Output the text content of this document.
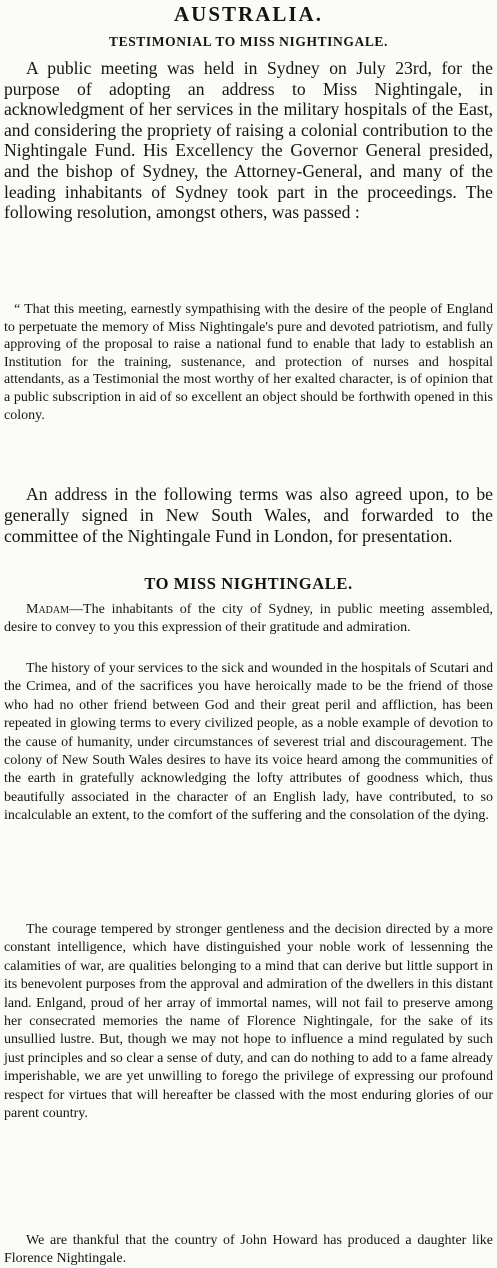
AUSTRALIA.
TESTIMONIAL TO MISS NIGHTINGALE.

A public meeting was held in Sydney on July 23rd, for the purpose of adopting an address to Miss Nightingale, in acknowledgment of her services in the military hospitals of the East, and considering the propriety of raising a colonial contribution to the Nightingale Fund. His Excellency the Governor General presided, and the bishop of Sydney, the Attorney-General, and many of the leading inhabitants of Sydney took part in the proceedings. The following resolution, amongst others, was passed :

“ That this meeting, earnestly sympathising with the desire of the people of England to perpetuate the memory of Miss Nightingale's pure and devoted patriotism, and fully approving of the proposal to raise a national fund to enable that lady to establish an Institution for the training, sustenance, and protection of nurses and hospital attendants, as a Testimonial the most worthy of her exalted character, is of opinion that a public subscription in aid of so excellent an object should be forthwith opened in this colony.

An address in the following terms was also agreed upon, to be generally signed in New South Wales, and forwarded to the committee of the Nightingale Fund in London, for presentation.

TO MISS NIGHTINGALE.

Madam—The inhabitants of the city of Sydney, in public meeting assembled, desire to convey to you this expression of their gratitude and admiration.

The history of your services to the sick and wounded in the hospitals of Scutari and the Crimea, and of the sacrifices you have heroically made to be the friend of those who had no other friend between God and their great peril and affliction, has been repeated in glowing terms to every civilized people, as a noble example of devotion to the cause of humanity, under circumstances of severest trial and discouragement. The colony of New South Wales desires to have its voice heard among the communities of the earth in gratefully acknowledging the lofty attributes of goodness which, thus beautifully associated in the character of an English lady, have contributed, to so incalculable an extent, to the comfort of the suffering and the consolation of the dying.

The courage tempered by stronger gentleness and the decision directed by a more constant intelligence, which have distinguished your noble work of lessenning the calamities of war, are qualities belonging to a mind that can derive but little support in its benevolent purposes from the approval and admiration of the dwellers in this distant land. Enlgand, proud of her array of immortal names, will not fail to preserve among her consecrated memories the name of Florence Nightingale, for the sake of its unsullied lustre. But, though we may not hope to influence a mind regulated by such just principles and so clear a sense of duty, and can do nothing to add to a fame already imperishable, we are yet unwilling to forego the privilege of expressing our profound respect for virtues that will hereafter be classed with the most enduring glories of our parent country.

We are thankful that the country of John Howard has produced a daughter like Florence Nightingale.
